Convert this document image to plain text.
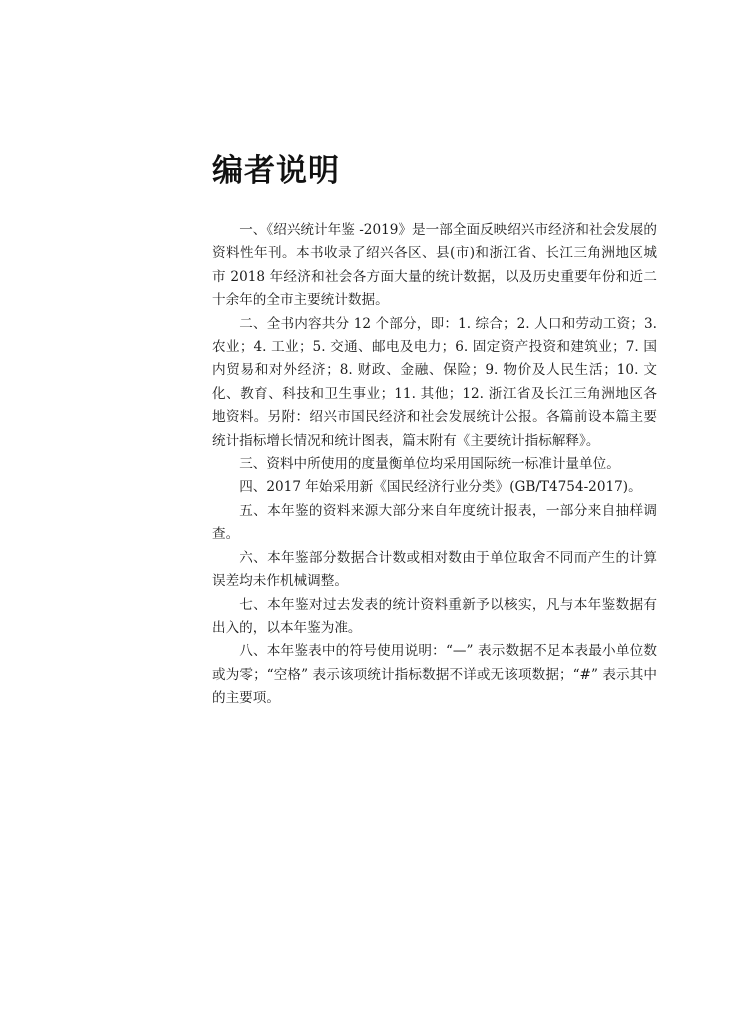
编者说明

一、《绍兴统计年鉴 -2019》是一部全面反映绍兴市经济和社会发展的资料性年刊。本书收录了绍兴各区、县(市)和浙江省、长江三角洲地区城市 2018 年经济和社会各方面大量的统计数据，以及历史重要年份和近二十余年的全市主要统计数据。

二、全书内容共分 12 个部分，即：1. 综合；2. 人口和劳动工资；3. 农业；4. 工业；5. 交通、邮电及电力；6. 固定资产投资和建筑业；7. 国内贸易和对外经济；8. 财政、金融、保险；9. 物价及人民生活；10. 文化、教育、科技和卫生事业；11. 其他；12. 浙江省及长江三角洲地区各地资料。另附：绍兴市国民经济和社会发展统计公报。各篇前设本篇主要统计指标增长情况和统计图表，篇末附有《主要统计指标解释》。

三、资料中所使用的度量衡单位均采用国际统一标准计量单位。

四、2017 年始采用新《国民经济行业分类》(GB/T4754-2017)。

五、本年鉴的资料来源大部分来自年度统计报表，一部分来自抽样调查。

六、本年鉴部分数据合计数或相对数由于单位取舍不同而产生的计算误差均未作机械调整。

七、本年鉴对过去发表的统计资料重新予以核实，凡与本年鉴数据有出入的，以本年鉴为准。

八、本年鉴表中的符号使用说明：“—” 表示数据不足本表最小单位数或为零；“空格” 表示该项统计指标数据不详或无该项数据；“#” 表示其中的主要项。
